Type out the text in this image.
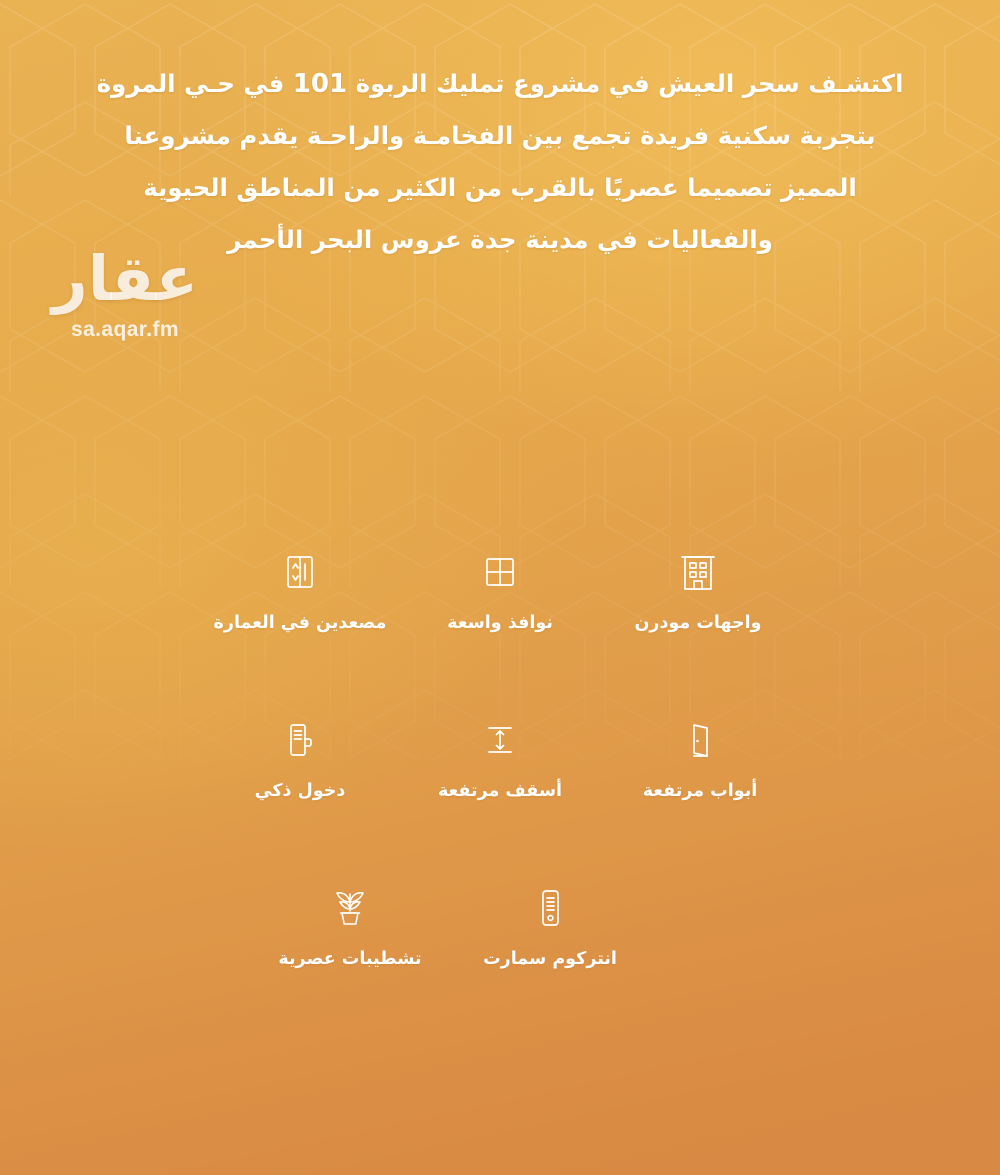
اكتشـف سحر العيش في مشروع تمليك الربوة 101 في حـي المروة
بتجربة سكنية فريدة تجمع بين الفخامـة والراحـة يقدم مشروعنا
المميز تصميما عصريًا بالقرب من الكثير من المناطق الحيوية
والفعاليات في مدينة جدة عروس البحر الأحمر
عقار
sa.aqar.fm
واجهات مودرن
نوافذ واسعة
مصعدين في العمارة
أبواب مرتفعة
أسقف مرتفعة
دخول ذكي
انتركوم سمارت
تشطيبات عصرية
